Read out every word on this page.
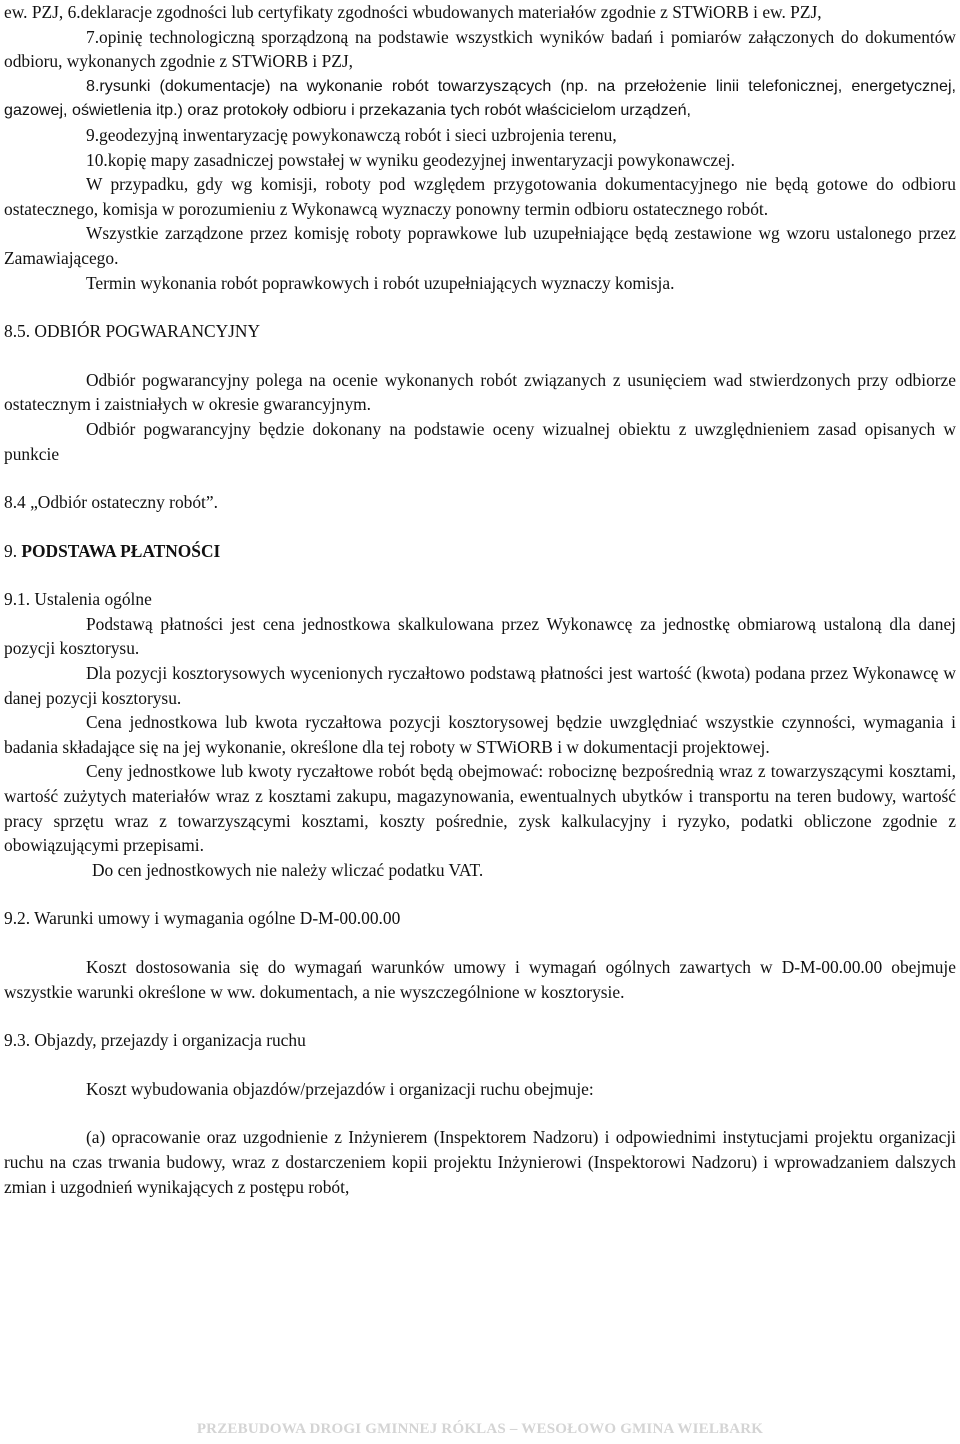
ew. PZJ, 6.deklaracje zgodności lub certyfikaty zgodności wbudowanych materiałów zgodnie z STWiORB i ew. PZJ,

7.opinię technologiczną sporządzoną na podstawie wszystkich wyników badań i pomiarów załączonych do dokumentów odbioru, wykonanych zgodnie z STWiORB i PZJ,

8.rysunki (dokumentacje) na wykonanie robót towarzyszących (np. na przełożenie linii telefonicznej, energetycznej, gazowej, oświetlenia itp.) oraz protokoły odbioru i przekazania tych robót właścicielom urządzeń,

9.geodezyjną inwentaryzację powykonawczą robót i sieci uzbrojenia terenu,

10.kopię mapy zasadniczej powstałej w wyniku geodezyjnej inwentaryzacji powykonawczej.

W przypadku, gdy wg komisji, roboty pod względem przygotowania dokumentacyjnego nie będą gotowe do odbioru ostatecznego, komisja w porozumieniu z Wykonawcą wyznaczy ponowny termin odbioru ostatecznego robót.

Wszystkie zarządzone przez komisję roboty poprawkowe lub uzupełniające będą zestawione wg wzoru ustalonego przez Zamawiającego.

Termin wykonania robót poprawkowych i robót uzupełniających wyznaczy komisja.

8.5. ODBIÓR POGWARANCYJNY

Odbiór pogwarancyjny polega na ocenie wykonanych robót związanych z usunięciem wad stwierdzonych przy odbiorze ostatecznym i zaistniałych w okresie gwarancyjnym.

Odbiór pogwarancyjny będzie dokonany na podstawie oceny wizualnej obiektu z uwzględnieniem zasad opisanych w punkcie

8.4 „Odbiór ostateczny robót”.

9. PODSTAWA PŁATNOŚCI

9.1. Ustalenia ogólne

Podstawą płatności jest cena jednostkowa skalkulowana przez Wykonawcę za jednostkę obmiarową ustaloną dla danej pozycji kosztorysu.

Dla pozycji kosztorysowych wycenionych ryczałtowo podstawą płatności jest wartość (kwota) podana przez Wykonawcę w danej pozycji kosztorysu.

Cena jednostkowa lub kwota ryczałtowa pozycji kosztorysowej będzie uwzględniać wszystkie czynności, wymagania i badania składające się na jej wykonanie, określone dla tej roboty w STWiORB i w dokumentacji projektowej.

Ceny jednostkowe lub kwoty ryczałtowe robót będą obejmować: robociznę bezpośrednią wraz z towarzyszącymi kosztami, wartość zużytych materiałów wraz z kosztami zakupu, magazynowania, ewentualnych ubytków i transportu na teren budowy, wartość pracy sprzętu wraz z towarzyszącymi kosztami, koszty pośrednie, zysk kalkulacyjny i ryzyko, podatki obliczone zgodnie z obowiązującymi przepisami.

Do cen jednostkowych nie należy wliczać podatku VAT.

9.2. Warunki umowy i wymagania ogólne D-M-00.00.00

Koszt dostosowania się do wymagań warunków umowy i wymagań ogólnych zawartych w D-M-00.00.00 obejmuje wszystkie warunki określone w ww. dokumentach, a nie wyszczególnione w kosztorysie.

9.3. Objazdy, przejazdy i organizacja ruchu

Koszt wybudowania objazdów/przejazdów i organizacji ruchu obejmuje:

(a) opracowanie oraz uzgodnienie z Inżynierem (Inspektorem Nadzoru) i odpowiednimi instytucjami projektu organizacji ruchu na czas trwania budowy, wraz z dostarczeniem kopii projektu Inżynierowi (Inspektorowi Nadzoru) i wprowadzaniem dalszych zmian i uzgodnień wynikających z postępu robót,

PRZEBUDOWA DROGI GMINNEJ RÓKLAS – WESOŁOWO GMINA WIELBARK
